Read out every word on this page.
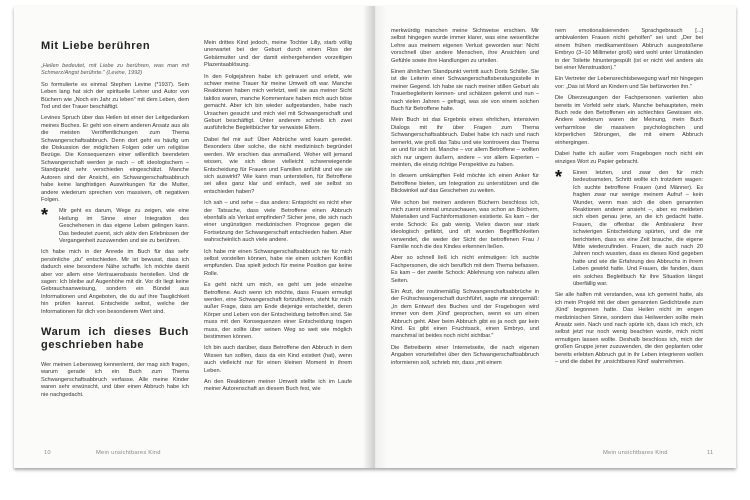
Mit Liebe berühren

„Heilen bedeutet, mit Liebe zu berühren, was man mit Schmerz/Angst berührte." (Levine, 1992)

So formulierte es einmal Stephen Levine (*1937). Sein Leben lang hat sich der spirituelle Lehrer und Autor von Büchern wie „Noch ein Jahr zu leben" mit dem Leben, dem Tod und der Trauer beschäftigt.

Levines Spruch über das Heilen ist einer der Leitgedanken meines Buches. Er geht von einem anderen Ansatz aus als die meisten Veröffentlichungen zum Thema Schwangerschaftsabbruch. Denn dort geht es häufig um die Diskussion der möglichen Folgen oder um religiöse Bezüge. Die Konsequenzen einer willentlich beendeten Schwangerschaft werden je nach – oft ideologischem – Standpunkt sehr verschieden eingeschätzt. Manche Autoren sind der Ansicht, ein Schwangerschaftsabbruch habe keine langfristigen Auswirkungen für die Mutter, andere wiederum sprechen von massiven, oft negativen Folgen.

* Mir geht es darum, Wege zu zeigen, wie eine Heilung im Sinne einer Integration des Geschehenen in das eigene Leben gelingen kann. Das bedeutet zuerst, sich aktiv den Erlebnissen der Vergangenheit zuzuwenden und sie zu berühren.

Ich habe mich in der Anrede im Buch für das sehr persönliche „du" entschieden. Mir ist bewusst, dass ich dadurch eine besondere Nähe schaffe. Ich möchte damit aber vor allem eine Vertrauensbasis herstellen. Und dir sagen: Ich bleibe auf Augenhöhe mit dir. Vor dir liegt keine Gebrauchsanweisung, sondern ein Bündel aus Informationen und Angeboten, die du auf ihre Tauglichkeit hin prüfen kannst. Entscheide selbst, welche der Informationen für dich von besonderem Wert sind.

Warum ich dieses Buch geschrieben habe

Wer meinen Lebensweg kennenlernt, der mag sich fragen, warum gerade ich ein Buch zum Thema Schwangerschaftsabbruch verfasse. Alle meine Kinder waren sehr erwünscht, und über einen Abbruch habe ich nie nachgedacht.

Mein drittes Kind jedoch, meine Tochter Lilly, starb völlig unerwartet bei der Geburt durch einen Riss der Gebärmutter und der damit einhergehenden vorzeitigen Plazentaablösung.

In den Folgejahren habe ich getrauert und erlebt, wie schwer meine Trauer für meine Umwelt oft war. Manche Reaktionen haben mich verletzt, weil sie aus meiner Sicht taktlos waren, manche Kommentare haben mich auch böse gemacht. Aber ich bin wieder aufgestanden, habe nach Ursachen gesucht und mich viel mit Schwangerschaft und Geburt beschäftigt. Unter anderem schrieb ich zwei ausführliche Begleitbücher für verwaiste Eltern.

Dabei fiel mir auf: Über Abbrüche wird kaum geredet. Besonders über solche, die nicht medizinisch begründet werden. Wir erschien das anmaßend. Woher will jemand wissen, wie sich diese vielleicht schwerwiegende Entscheidung für Frauen und Familien anfühlt und wie sie sich auswirkt? Wie kann man unterstellen, für Betroffene sei alles ganz klar und einfach, weil sie selbst so entschieden haben?

Ich sah – und sehe – das anders: Entspricht es nicht eher der Tatsache, dass viele Betroffene einen Abbruch ebenfalls als Verlust empfinden? Sicher jene, die sich nach einer ungünstigen medizinischen Prognose gegen die Fortsetzung der Schwangerschaft entschieden haben. Aber wahrscheinlich auch viele andere.

Ich habe mir einen Schwangerschaftsabbruch nie für mich selbst vorstellen können, habe nie einen solchen Konflikt empfunden. Das spielt jedoch für meine Position gar keine Rolle.

Es geht nicht um mich, es geht um jede einzelne Betroffene. Auch wenn ich möchte, dass Frauen ermutigt werden, eine Schwangerschaft fortzuführen, steht für mich außer Frage, dass am Ende diejenige entscheidet, deren Körper und Leben von der Entscheidung betroffen sind. Sie muss mit den Konsequenzen einer Entscheidung tragen muss, der sollte über seinen Weg so weit wie möglich bestimmen können.

Ich bin auch darüber, dass Betroffene den Abbruch in dem Wissen tun sollten, dass da ein Kind existiert (hat), wenn auch vielleicht nur für einen kleinen Moment in ihrem Leben.

An den Reaktionen meiner Umwelt stellte ich im Laufe meiner Autorenschaft an diesem Buch fest, wie

10	Mein unsichtbares Kind

merkwürdig manchen meine Sichtweise erschien. Mir selbst hingegen wurde immer klarer, was eine wesentliche Lehre aus meinem eigenen Verlust geworden war: Nicht vorschnell über andere Menschen, ihre Ansichten und Gefühle sowie ihre Handlungen zu urteilen.

Einen ähnlichen Standpunkt vertritt auch Doris Schiller. Sie ist die Leiterin einer Schwangerschaftsberatungsstelle in meiner Gegend. Ich habe sie nach meiner stillen Geburt als Trauerbegleiterin kennen- und schätzen gelernt und nun – nach vielen Jahren – gefragt, was sie von einem solchen Buch für Betroffene halte.

Mein Buch ist das Ergebnis eines ehrlichen, intensiven Dialogs mit ihr über Fragen zum Thema Schwangerschaftsabbruch. Dabei habe ich nach und nach bemerkt, wie groß das Tabu und wie kontrovers das Thema an und für sich ist. Manche – vor allem Betroffene – wollten sich nur ungern äußern, andere – vor allem Experten – meinten, die einzig richtige Perspektive zu haben.

In diesem umkämpften Feld möchte ich einen Anker für Betroffene bieten, um Integration zu unterstützen und die Blickwinkel auf das Geschehen zu weiten.

Wie schon bei meinen anderen Büchern beschloss ich, mich zuerst einmal umzuschauen, was schon an Büchern, Materialien und Fachinformationen existierte. Es kam – der erste Schock: Es gab wenig. Vieles davon war stark ideologisch gefärbt, und oft wurden Begrifflichkeiten verwendet, die weder der Sicht der betroffenen Frau / Familie noch die des Kindes erkennen ließen.

Aber so schnell ließ ich nicht entmutigen: Ich suchte Fachpersonen, die sich beruflich mit dem Thema befassen. Es kam – der zweite Schock: Ablehnung von nahezu allen Seiten.

Ein Arzt, der routinemäßig Schwangerschaftsabbrüche in der Frühschwangerschaft durchführt, sagte mir sinngemäß: „In dem Entwurf des Buches und der Fragebogen wird immer von dem ‚Kind' gesprochen, wenn es um einen Abbruch geht. Aber beim Abbruch gibt es ja noch gar kein Kind. Es gibt einen Fruchtsack, einen Embryo, und manchmal ist beides noch nicht sichtbar."

Die Betreiberin einer Internetseite, die nach eigenen Angaben vorurteilsfrei über den Schwangerschaftsabbruch informieren soll, schrieb mir, dass „mit einem

nem emotionalisierenden Sprachgebrauch [...] ambivalenten Frauen nicht geholfen" sei und: „Der bei einem frühen medikamentösen Abbruch ausgestoßene Embryo (3–10 Millimeter groß) wird wohl unter Umständen in der Toilette hinuntergespült (ist er nicht viel anders als bei einer Menstruation)."

Ein Vertreter der Lebensrechtsbewegung warf mir hingegen vor: „Das ist Mord an Kindern und Sie befürworten ihn."

Die Überzeugungen der Fachpersonen variierten also bereits im Vorfeld sehr stark. Manche behaupteten, mein Buch rede den Betroffenen ein schlechtes Gewissen ein. Andere wiederum waren der Meinung, mein Buch verharmlose die massiven psychologischen und körperlichen Störungen, die mit einem Abbruch einhergingen.

Dabei hatte ich außer vom Fragebogen noch nicht ein einziges Wort zu Papier gebracht.

* Einen letzten, und zwar den für mich bedeutsamsten, Schritt wollte ich trotzdem wagen: Ich suchte betroffene Frauen (und Männer). Es fragten zwar nur wenige meinem Aufruf – kein Wunder, wenn man sich die oben genannten Reaktionen anderer ansieht –, aber es meldeten sich eben genau jene, an die ich gedacht hatte. Frauen, die offenbar die Ambivalenz ihrer schwierigen Entscheidung spürten, und die mir berichteten, dass es eine Zeit brauche, die eigene Mitte wiederzufinden. Frauen, die auch nach 20 Jahren noch wussten, dass es dieses Kind gegeben hatte und wie die Erfahrung des Abbruchs in ihrem Leben gewirkt hatte. Und Frauen, die fanden, dass ein solches Begleitbuch für ihre Situation längst überfällig war.

Sie alle halfen mit verstanden, was ich gemeint hatte, als ich mein Projekt mit der oben genannten Gedichtzeile zum ‚Kind' begonnen hatte. Das Heilen nicht im engen medizinischen Sinne, sondern das Heilwerden sollte mein Ansatz sein. Nach und nach spürte ich, dass ich mich, ich selbst jetzt nur noch wenig beachten wurde, mich nicht ermutigen lassen wollte. Deshalb beschloss ich, mich der großen Gruppe jener zuzuwenden, die den geplanten oder bereits erlebten Abbruch gut in ihr Leben integrieren wollen – und die dabei ihr ‚unsichtbares Kind' wahrnehmen.

Mein unsichtbares Kind	11
